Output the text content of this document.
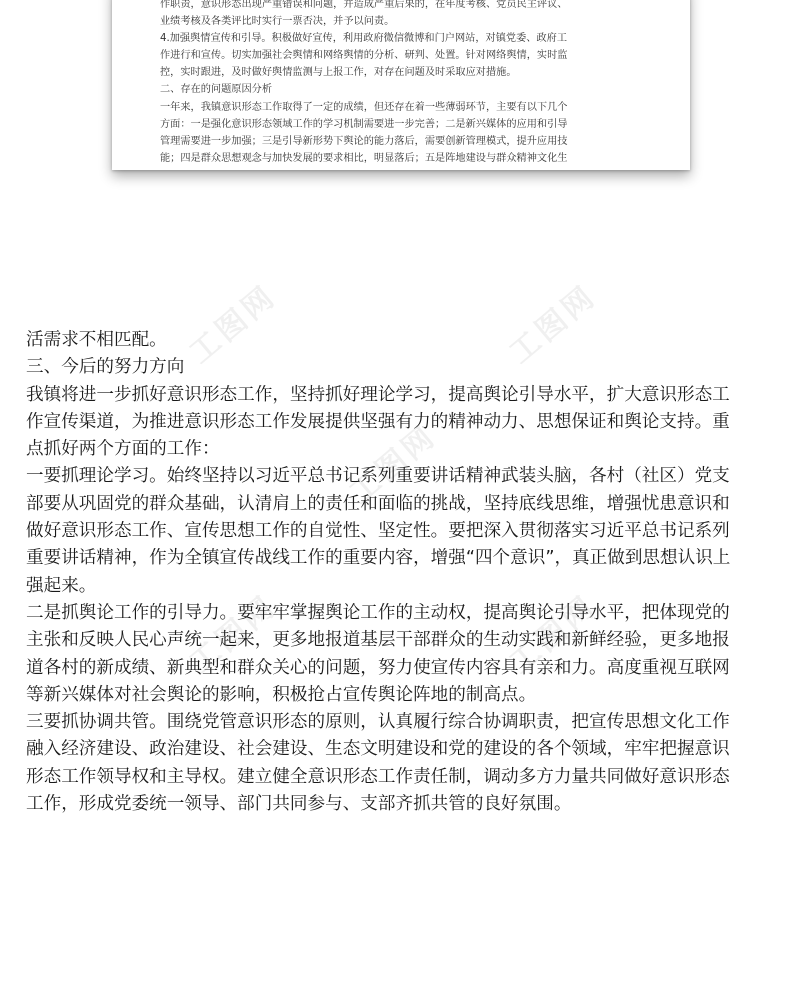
工图网	工图网
工图网
工图网	工图网

作职责，意识形态出现严重错误和问题，并造成严重后果的，在年度考核、党员民主评议、

业绩考核及各类评比时实行一票否决，并予以问责。

4.加强舆情宣传和引导。积极做好宣传，利用政府微信微博和门户网站，对镇党委、政府工

作进行和宣传。切实加强社会舆情和网络舆情的分析、研判、处置。针对网络舆情，实时监

控，实时跟进，及时做好舆情监测与上报工作，对存在问题及时采取应对措施。

二、存在的问题原因分析

一年来，我镇意识形态工作取得了一定的成绩，但还存在着一些薄弱环节，主要有以下几个

方面：一是强化意识形态领域工作的学习机制需要进一步完善；二是新兴媒体的应用和引导

管理需要进一步加强；三是引导新形势下舆论的能力落后，需要创新管理模式，提升应用技

能；四是群众思想观念与加快发展的要求相比，明显落后；五是阵地建设与群众精神文化生

活需求不相匹配。

三、今后的努力方向

我镇将进一步抓好意识形态工作，坚持抓好理论学习，提高舆论引导水平，扩大意识形态工

作宣传渠道，为推进意识形态工作发展提供坚强有力的精神动力、思想保证和舆论支持。重

点抓好两个方面的工作：

一要抓理论学习。始终坚持以习近平总书记系列重要讲话精神武装头脑，各村（社区）党支

部要从巩固党的群众基础，认清肩上的责任和面临的挑战，坚持底线思维，增强忧患意识和

做好意识形态工作、宣传思想工作的自觉性、坚定性。要把深入贯彻落实习近平总书记系列

重要讲话精神，作为全镇宣传战线工作的重要内容，增强“四个意识”，真正做到思想认识上

强起来。

二是抓舆论工作的引导力。要牢牢掌握舆论工作的主动权，提高舆论引导水平，把体现党的

主张和反映人民心声统一起来，更多地报道基层干部群众的生动实践和新鲜经验，更多地报

道各村的新成绩、新典型和群众关心的问题，努力使宣传内容具有亲和力。高度重视互联网

等新兴媒体对社会舆论的影响，积极抢占宣传舆论阵地的制高点。

三要抓协调共管。围绕党管意识形态的原则，认真履行综合协调职责，把宣传思想文化工作

融入经济建设、政治建设、社会建设、生态文明建设和党的建设的各个领域，牢牢把握意识

形态工作领导权和主导权。建立健全意识形态工作责任制，调动多方力量共同做好意识形态

工作，形成党委统一领导、部门共同参与、支部齐抓共管的良好氛围。
